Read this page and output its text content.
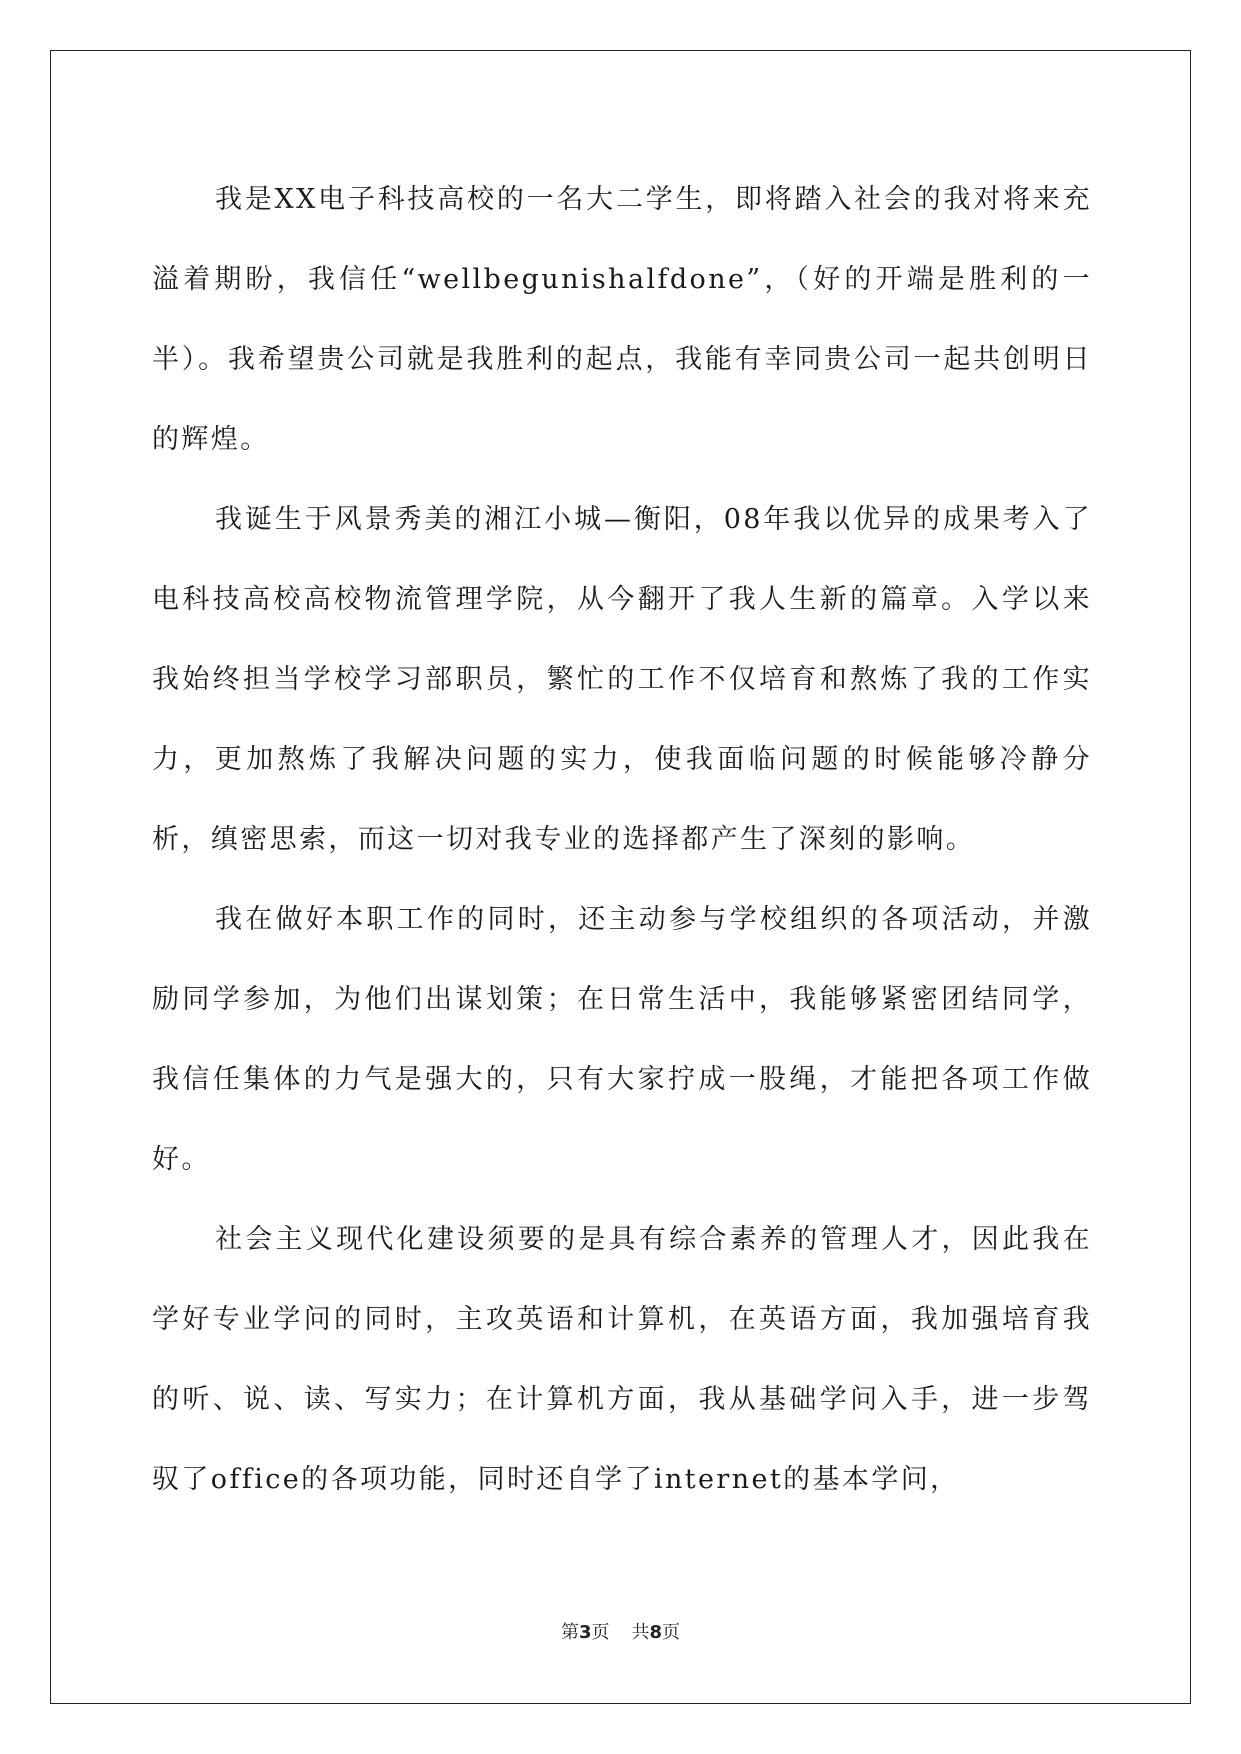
我是XX电子科技高校的一名大二学生，即将踏入社会的我对将来充溢着期盼，我信任“wellbegunishalfdone”，（好的开端是胜利的一半）。我希望贵公司就是我胜利的起点，我能有幸同贵公司一起共创明日的辉煌。

我诞生于风景秀美的湘江小城—衡阳，08年我以优异的成果考入了电科技高校高校物流管理学院，从今翻开了我人生新的篇章。入学以来我始终担当学校学习部职员，繁忙的工作不仅培育和熬炼了我的工作实力，更加熬炼了我解决问题的实力，使我面临问题的时候能够冷静分析，缜密思索，而这一切对我专业的选择都产生了深刻的影响。

我在做好本职工作的同时，还主动参与学校组织的各项活动，并激励同学参加，为他们出谋划策；在日常生活中，我能够紧密团结同学，我信任集体的力气是强大的，只有大家拧成一股绳，才能把各项工作做好。

社会主义现代化建设须要的是具有综合素养的管理人才，因此我在学好专业学问的同时，主攻英语和计算机，在英语方面，我加强培育我的听、说、读、写实力；在计算机方面，我从基础学问入手，进一步驾驭了office的各项功能，同时还自学了internet的基本学问，

第3页 共8页
